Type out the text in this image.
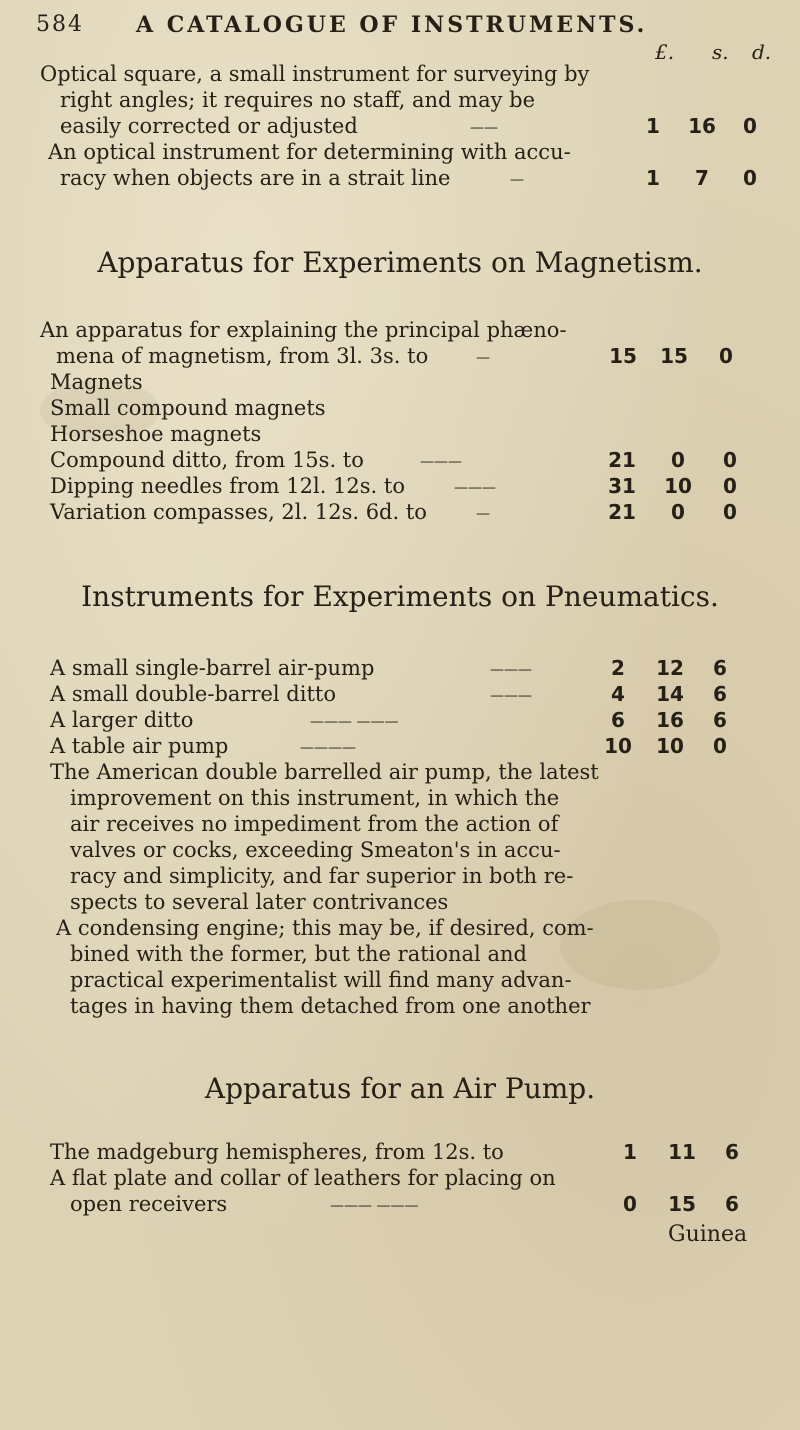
584 A CATALOGUE OF INSTRUMENTS.
£. s. d.
Optical square, a small instrument for surveying by
right angles; it requires no staff, and may be
easily corrected or adjusted	——	1	16	0
An optical instrument for determining with accu-
racy when objects are in a strait line	—	1	7	0
Apparatus for Experiments on Magnetism.
An apparatus for explaining the principal phæno-
mena of magnetism, from 3l. 3s. to	—	15	15	0
Magnets
Small compound magnets
Horseshoe magnets
Compound ditto, from 15s. to	———	21	0	0
Dipping needles from 12l. 12s. to	———	31	10	0
Variation compasses, 2l. 12s. 6d. to	—	21	0	0
Instruments for Experiments on Pneumatics.
A small single-barrel air-pump	———	2	12	6
A small double-barrel ditto	———	4	14	6
A larger ditto	——— ———	6	16	6
A table air pump	————	10	10	0
The American double barrelled air pump, the latest
improvement on this instrument, in which the
air receives no impediment from the action of
valves or cocks, exceeding Smeaton's in accu-
racy and simplicity, and far superior in both re-
spects to several later contrivances
A condensing engine; this may be, if desired, com-
bined with the former, but the rational and
practical experimentalist will find many advan-
tages in having them detached from one another
Apparatus for an Air Pump.
The madgeburg hemispheres, from 12s. to	1	11	6
A flat plate and collar of leathers for placing on
open receivers	——— ———	0	15	6
Guinea
